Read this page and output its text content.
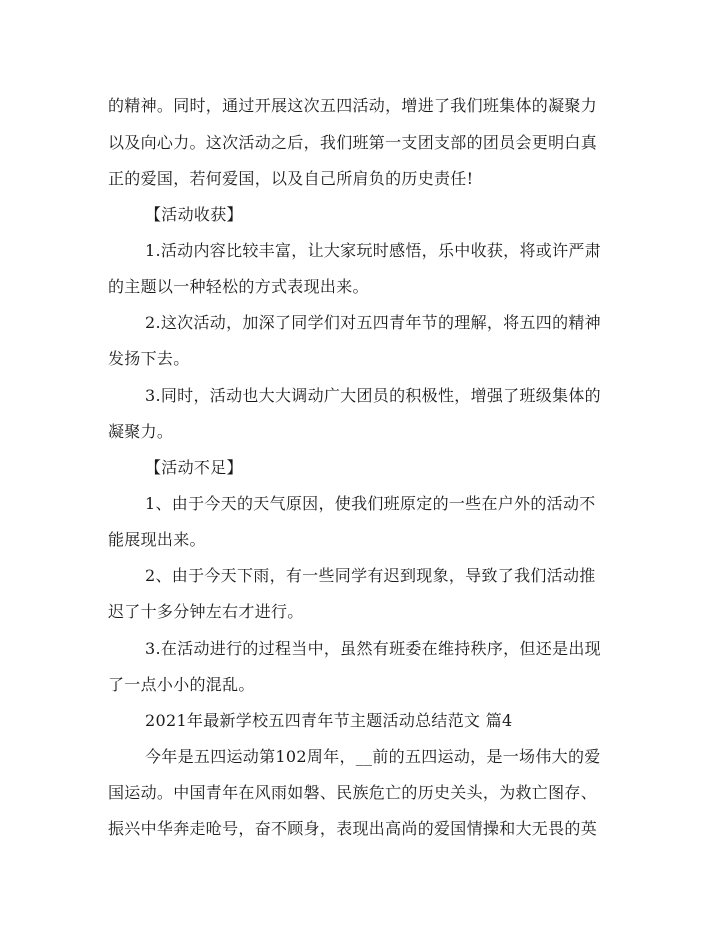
的精神。同时，通过开展这次五四活动，增进了我们班集体的凝聚力
以及向心力。这次活动之后，我们班第一支团支部的团员会更明白真
正的爱国，若何爱国，以及自己所肩负的历史责任!
【活动收获】
1.活动内容比较丰富，让大家玩时感悟，乐中收获，将或许严肃
的主题以一种轻松的方式表现出来。
2.这次活动，加深了同学们对五四青年节的理解，将五四的精神
发扬下去。
3.同时，活动也大大调动广大团员的积极性，增强了班级集体的
凝聚力。
【活动不足】
1、由于今天的天气原因，使我们班原定的一些在户外的活动不
能展现出来。
2、由于今天下雨，有一些同学有迟到现象，导致了我们活动推
迟了十多分钟左右才进行。
3.在活动进行的过程当中，虽然有班委在维持秩序，但还是出现
了一点小小的混乱。
2021年最新学校五四青年节主题活动总结范文 篇4
今年是五四运动第102周年，__前的五四运动，是一场伟大的爱
国运动。中国青年在风雨如磐、民族危亡的历史关头，为救亡图存、
振兴中华奔走呛号，奋不顾身，表现出高尚的爱国情操和大无畏的英
